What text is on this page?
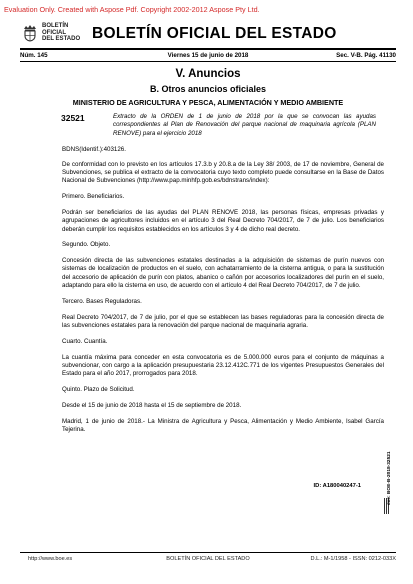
Evaluation Only. Created with Aspose Pdf. Copyright 2002-2012 Aspose Pty Ltd.
BOLETÍN
OFICIAL
DEL ESTADO BOLETÍN OFICIAL DEL ESTADO
Núm. 145	Viernes 15 de junio de 2018	Sec. V-B. Pág. 41130
V. Anuncios
B. Otros anuncios oficiales
MINISTERIO DE AGRICULTURA Y PESCA, ALIMENTACIÓN Y MEDIO AMBIENTE
32521	Extracto de la ORDEN de 1 de junio de 2018 por la que se convocan las ayudas correspondientes al Plan de Renovación del parque nacional de maquinaria agrícola (PLAN RENOVE) para el ejercicio 2018

BDNS(Identif.):403126.

De conformidad con lo previsto en los artículos 17.3.b y 20.8.a de la Ley 38/ 2003, de 17 de noviembre, General de Subvenciones, se publica el extracto de la convocatoria cuyo texto completo puede consultarse en la Base de Datos Nacional de Subvenciones (http://www.pap.minhfp.gob.es/bdnstrans/index):

Primero. Beneficiarios.

Podrán ser beneficiarios de las ayudas del PLAN RENOVE 2018, las personas físicas, empresas privadas y agrupaciones de agricultores incluidos en el artículo 3 del Real Decreto 704/2017, de 7 de julio. Los beneficiarios deberán cumplir los requisitos establecidos en los artículos 3 y 4 de dicho real decreto.

Segundo. Objeto.

Concesión directa de las subvenciones estatales destinadas a la adquisición de sistemas de purín nuevos con sistemas de localización de productos en el suelo, con achatarramiento de la cisterna antigua, o para la sustitución del accesorio de aplicación de purín con platos, abanico o cañón por accesorios localizadores del purín en el suelo, adaptando para ello la cisterna en uso, de acuerdo con el artículo 4 del Real Decreto 704/2017, de 7 de julio.

Tercero. Bases Reguladoras.

Real Decreto 704/2017, de 7 de julio, por el que se establecen las bases reguladoras para la concesión directa de las subvenciones estatales para la renovación del parque nacional de maquinaria agraria.

Cuarto. Cuantía.

La cuantía máxima para conceder en esta convocatoria es de 5.000.000 euros para el conjunto de máquinas a subvencionar, con cargo a la aplicación presupuestaria 23.12.412C.771 de los vigentes Presupuestos Generales del Estado para el año 2017, prorrogados para 2018.

Quinto. Plazo de Solicitud.

Desde el 15 de junio de 2018 hasta el 15 de septiembre de 2018.

Madrid, 1 de junio de 2018.- La Ministra de Agricultura y Pesca, Alimentación y Medio Ambiente, Isabel García Tejerina.

ID: A180040247-1	cve: BOE-B-2018-32521
http://www.boe.es	BOLETÍN OFICIAL DEL ESTADO	D.L.: M-1/1958 - ISSN: 0212-033X
